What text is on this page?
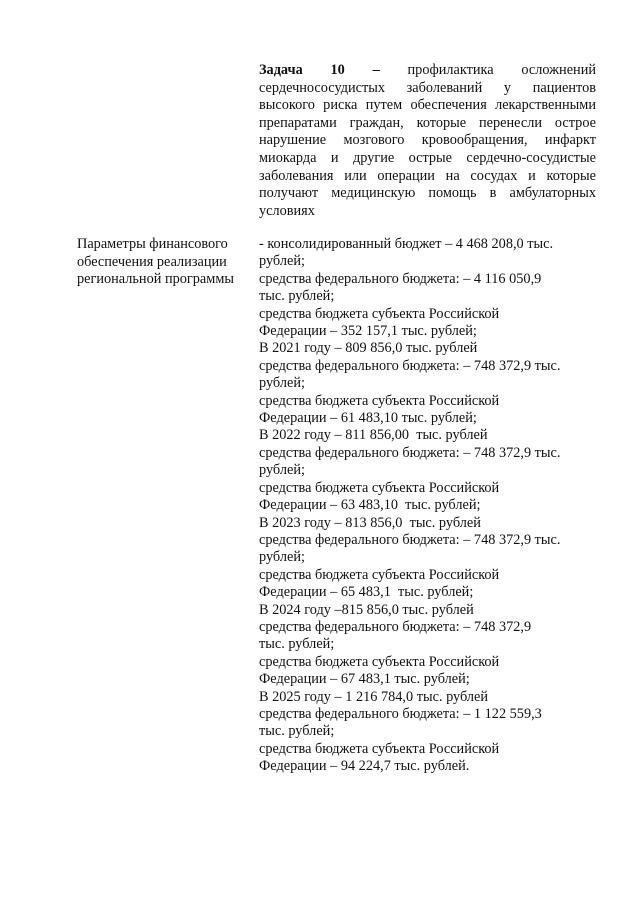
Задача 10 – профилактика осложнений сердечнососудистых заболеваний у пациентов высокого риска путем обеспечения лекарственными препаратами граждан, которые перенесли острое нарушение мозгового кровообращения, инфаркт миокарда и другие острые сердечно-сосудистые заболевания или операции на сосудах и которые получают медицинскую помощь в амбулаторных условиях
Параметры финансового обеспечения реализации региональной программы
- консолидированный бюджет – 4 468 208,0 тыс.
рублей;
средства федерального бюджета: – 4 116 050,9
тыс. рублей;
средства бюджета субъекта Российской
Федерации – 352 157,1 тыс. рублей;
В 2021 году – 809 856,0 тыс. рублей
средства федерального бюджета: – 748 372,9 тыс.
рублей;
средства бюджета субъекта Российской
Федерации – 61 483,10 тыс. рублей;
В 2022 году – 811 856,00  тыс. рублей
средства федерального бюджета: – 748 372,9 тыс.
рублей;
средства бюджета субъекта Российской
Федерации – 63 483,10  тыс. рублей;
В 2023 году – 813 856,0  тыс. рублей
средства федерального бюджета: – 748 372,9 тыс.
рублей;
средства бюджета субъекта Российской
Федерации – 65 483,1  тыс. рублей;
В 2024 году –815 856,0 тыс. рублей
средства федерального бюджета: – 748 372,9
тыс. рублей;
средства бюджета субъекта Российской
Федерации – 67 483,1 тыс. рублей;
В 2025 году – 1 216 784,0 тыс. рублей
средства федерального бюджета: – 1 122 559,3
тыс. рублей;
средства бюджета субъекта Российской
Федерации – 94 224,7 тыс. рублей.
